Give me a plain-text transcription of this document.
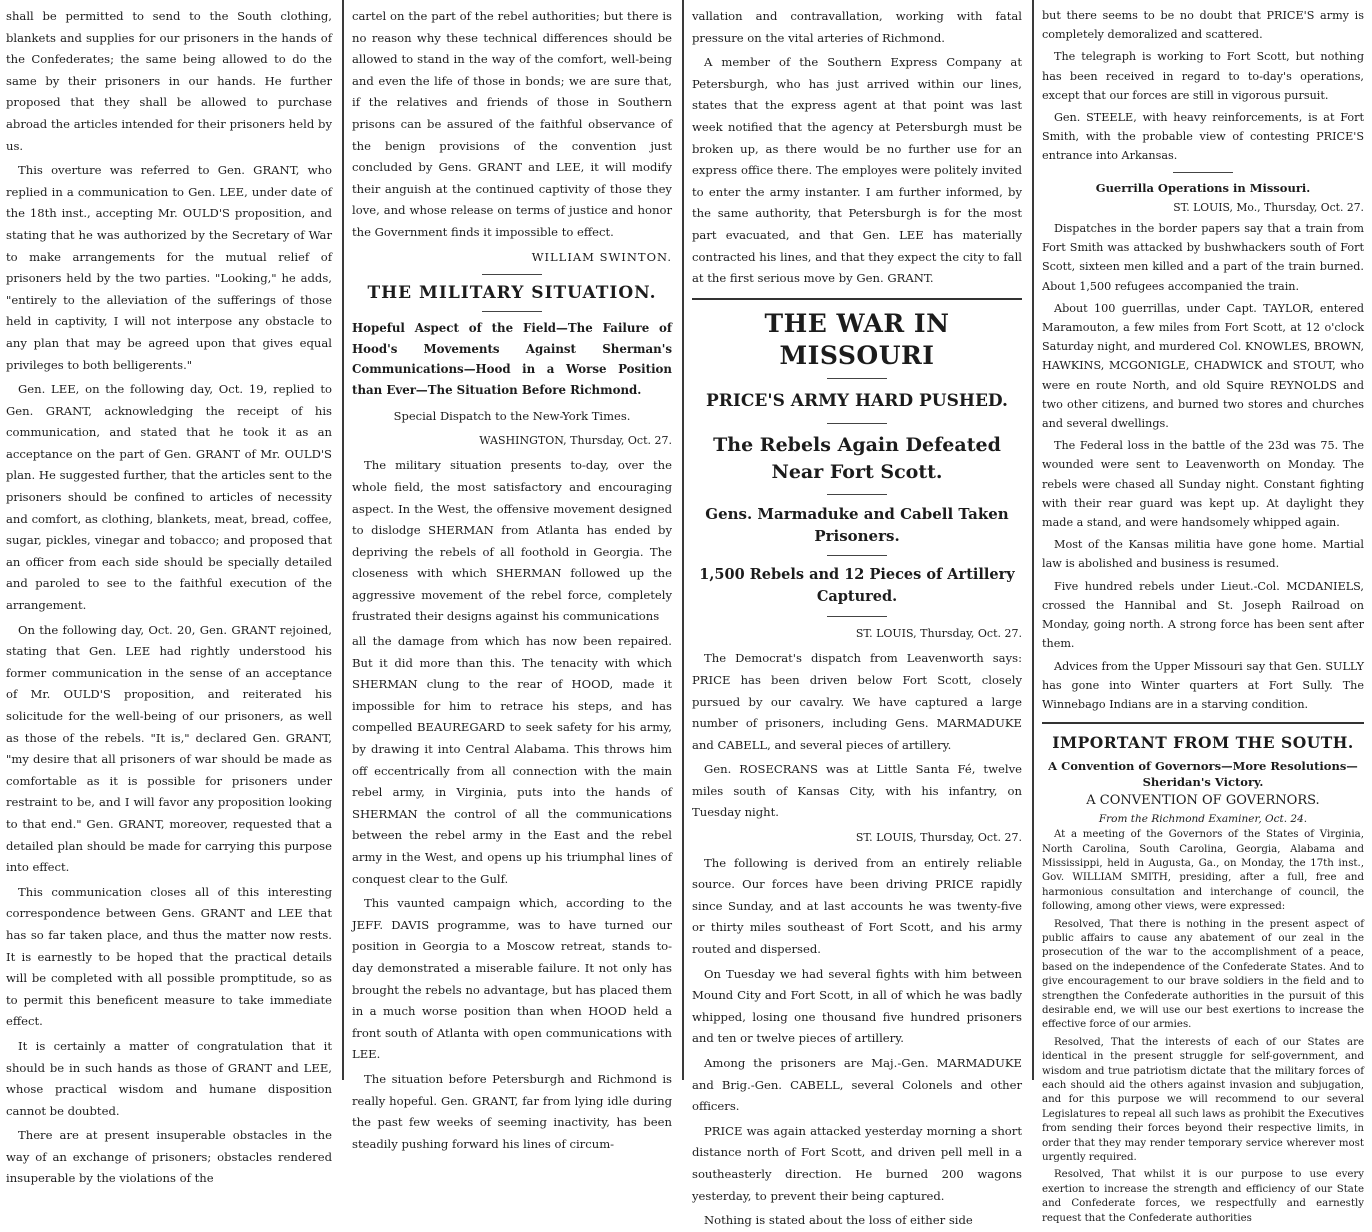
shall be permitted to send to the South clothing, blankets and supplies for our prisoners in the hands of the Confederates; the same being allowed to do the same by their prisoners in our hands. He further proposed that they shall be allowed to purchase abroad the articles intended for their prisoners held by us.

This overture was referred to Gen. GRANT, who replied in a communication to Gen. LEE, under date of the 18th inst., accepting Mr. OULD'S proposition, and stating that he was authorized by the Secretary of War to make arrangements for the mutual relief of prisoners held by the two parties. "Looking," he adds, "entirely to the alleviation of the sufferings of those held in captivity, I will not interpose any obstacle to any plan that may be agreed upon that gives equal privileges to both belligerents."

Gen. LEE, on the following day, Oct. 19, replied to Gen. GRANT, acknowledging the receipt of his communication, and stated that he took it as an acceptance on the part of Gen. GRANT of Mr. OULD'S plan. He suggested further, that the articles sent to the prisoners should be confined to articles of necessity and comfort, as clothing, blankets, meat, bread, coffee, sugar, pickles, vinegar and tobacco; and proposed that an officer from each side should be specially detailed and paroled to see to the faithful execution of the arrangement.

On the following day, Oct. 20, Gen. GRANT rejoined, stating that Gen. LEE had rightly understood his former communication in the sense of an acceptance of Mr. OULD'S proposition, and reiterated his solicitude for the well-being of our prisoners, as well as those of the rebels. "It is," declared Gen. GRANT, "my desire that all prisoners of war should be made as comfortable as it is possible for prisoners under restraint to be, and I will favor any proposition looking to that end." Gen. GRANT, moreover, requested that a detailed plan should be made for carrying this purpose into effect.

This communication closes all of this interesting correspondence between Gens. GRANT and LEE that has so far taken place, and thus the matter now rests. It is earnestly to be hoped that the practical details will be completed with all possible promptitude, so as to permit this beneficent measure to take immediate effect.

It is certainly a matter of congratulation that it should be in such hands as those of GRANT and LEE, whose practical wisdom and humane disposition cannot be doubted.

There are at present insuperable obstacles in the way of an exchange of prisoners; obstacles rendered insuperable by the violations of the

cartel on the part of the rebel authorities; but there is no reason why these technical differences should be allowed to stand in the way of the comfort, well-being and even the life of those in bonds; we are sure that, if the relatives and friends of those in Southern prisons can be assured of the faithful observance of the benign provisions of the convention just concluded by Gens. GRANT and LEE, it will modify their anguish at the continued captivity of those they love, and whose release on terms of justice and honor the Government finds it impossible to effect.

WILLIAM SWINTON.
THE MILITARY SITUATION.

Hopeful Aspect of the Field—The Failure of Hood's Movements Against Sherman's Communications—Hood in a Worse Position than Ever—The Situation Before Richmond.

Special Dispatch to the New-York Times.
WASHINGTON, Thursday, Oct. 27.

The military situation presents to-day, over the whole field, the most satisfactory and encouraging aspect. In the West, the offensive movement designed to dislodge SHERMAN from Atlanta has ended by depriving the rebels of all foothold in Georgia. The closeness with which SHERMAN followed up the aggressive movement of the rebel force, completely frustrated their designs against his communications

all the damage from which has now been repaired. But it did more than this. The tenacity with which SHERMAN clung to the rear of HOOD, made it impossible for him to retrace his steps, and has compelled BEAUREGARD to seek safety for his army, by drawing it into Central Alabama. This throws him off eccentrically from all connection with the main rebel army, in Virginia, puts into the hands of SHERMAN the control of all the communications between the rebel army in the East and the rebel army in the West, and opens up his triumphal lines of conquest clear to the Gulf.

This vaunted campaign which, according to the JEFF. DAVIS programme, was to have turned our position in Georgia to a Moscow retreat, stands to-day demonstrated a miserable failure. It not only has brought the rebels no advantage, but has placed them in a much worse position than when HOOD held a front south of Atlanta with open communications with LEE.

The situation before Petersburgh and Richmond is really hopeful. Gen. GRANT, far from lying idle during the past few weeks of seeming inactivity, has been steadily pushing forward his lines of circum-

vallation and contravallation, working with fatal pressure on the vital arteries of Richmond.

A member of the Southern Express Company at Petersburgh, who has just arrived within our lines, states that the express agent at that point was last week notified that the agency at Petersburgh must be broken up, as there would be no further use for an express office there. The employes were politely invited to enter the army instanter. I am further informed, by the same authority, that Petersburgh is for the most part evacuated, and that Gen. LEE has materially contracted his lines, and that they expect the city to fall at the first serious move by Gen. GRANT.

THE WAR IN MISSOURI
PRICE'S ARMY HARD PUSHED.
The Rebels Again Defeated Near Fort Scott.
Gens. Marmaduke and Cabell Taken Prisoners.
1,500 Rebels and 12 Pieces of Artillery Captured.
ST. LOUIS, Thursday, Oct. 27.

The Democrat's dispatch from Leavenworth says: PRICE has been driven below Fort Scott, closely pursued by our cavalry. We have captured a large number of prisoners, including Gens. MARMADUKE and CABELL, and several pieces of artillery.

Gen. ROSECRANS was at Little Santa Fé, twelve miles south of Kansas City, with his infantry, on Tuesday night.

ST. LOUIS, Thursday, Oct. 27.

The following is derived from an entirely reliable source. Our forces have been driving PRICE rapidly since Sunday, and at last accounts he was twenty-five or thirty miles southeast of Fort Scott, and his army routed and dispersed.

On Tuesday we had several fights with him between Mound City and Fort Scott, in all of which he was badly whipped, losing one thousand five hundred prisoners and ten or twelve pieces of artillery.

Among the prisoners are Maj.-Gen. MARMADUKE and Brig.-Gen. CABELL, several Colonels and other officers.

PRICE was again attacked yesterday morning a short distance north of Fort Scott, and driven pell mell in a southeasterly direction. He burned 200 wagons yesterday, to prevent their being captured.

Nothing is stated about the loss of either side

but there seems to be no doubt that PRICE'S army is completely demoralized and scattered.

The telegraph is working to Fort Scott, but nothing has been received in regard to to-day's operations, except that our forces are still in vigorous pursuit.

Gen. STEELE, with heavy reinforcements, is at Fort Smith, with the probable view of contesting PRICE'S entrance into Arkansas.

Guerrilla Operations in Missouri.
ST. LOUIS, Mo., Thursday, Oct. 27.

Dispatches in the border papers say that a train from Fort Smith was attacked by bushwhackers south of Fort Scott, sixteen men killed and a part of the train burned. About 1,500 refugees accompanied the train.

About 100 guerrillas, under Capt. TAYLOR, entered Maramouton, a few miles from Fort Scott, at 12 o'clock Saturday night, and murdered Col. KNOWLES, BROWN, HAWKINS, MCGONIGLE, CHADWICK and STOUT, who were en route North, and old Squire REYNOLDS and two other citizens, and burned two stores and churches and several dwellings.

The Federal loss in the battle of the 23d was 75. The wounded were sent to Leavenworth on Monday. The rebels were chased all Sunday night. Constant fighting with their rear guard was kept up. At daylight they made a stand, and were handsomely whipped again.

Most of the Kansas militia have gone home. Martial law is abolished and business is resumed.

Five hundred rebels under Lieut.-Col. MCDANIELS, crossed the Hannibal and St. Joseph Railroad on Monday, going north. A strong force has been sent after them.

Advices from the Upper Missouri say that Gen. SULLY has gone into Winter quarters at Fort Sully. The Winnebago Indians are in a starving condition.

IMPORTANT FROM THE SOUTH.
A Convention of Governors—More Resolutions—Sheridan's Victory.
A CONVENTION OF GOVERNORS.
From the Richmond Examiner, Oct. 24.

At a meeting of the Governors of the States of Virginia, North Carolina, South Carolina, Georgia, Alabama and Mississippi, held in Augusta, Ga., on Monday, the 17th inst., Gov. WILLIAM SMITH, presiding, after a full, free and harmonious consultation and interchange of council, the following, among other views, were expressed:

Resolved, That there is nothing in the present aspect of public affairs to cause any abatement of our zeal in the prosecution of the war to the accomplishment of a peace, based on the independence of the Confederate States. And to give encouragement to our brave soldiers in the field and to strengthen the Confederate authorities in the pursuit of this desirable end, we will use our best exertions to increase the effective force of our armies.

Resolved, That the interests of each of our States are identical in the present struggle for self-government, and wisdom and true patriotism dictate that the military forces of each should aid the others against invasion and subjugation, and for this purpose we will recommend to our several Legislatures to repeal all such laws as prohibit the Executives from sending their forces beyond their respective limits, in order that they may render temporary service wherever most urgently required.

Resolved, That whilst it is our purpose to use every exertion to increase the strength and efficiency of our State and Confederate forces, we respectfully and earnestly request that the Confederate authorities
